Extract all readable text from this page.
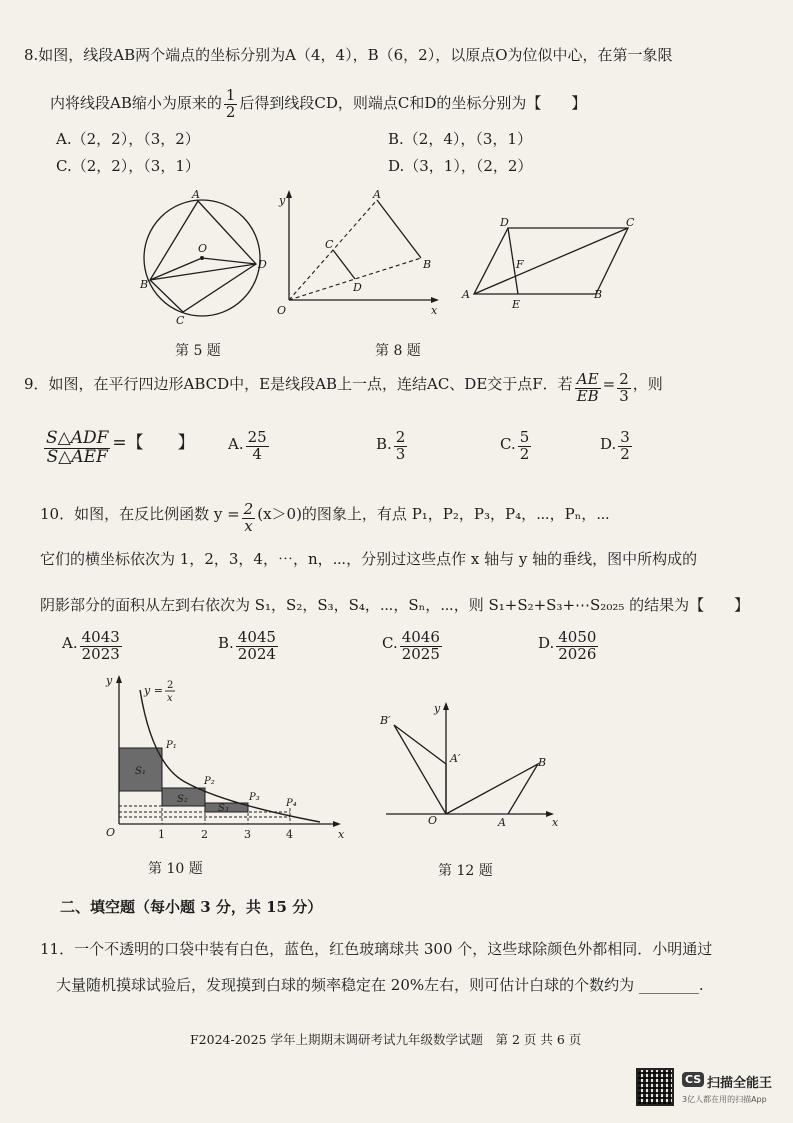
8.如图，线段AB两个端点的坐标分别为A（4，4），B（6，2），以原点O为位似中心，在第一象限
内将线段AB缩小为原来的 $\frac{1}{2}$ 后得到线段CD，则端点C和D的坐标分别为【　　】
A.（2，2），（3，2）	B.（2，4），（3，1）
C.（2，2），（3，1）	D.（3，1），（2，2）
A
O
D
B
C
第 5 题
y	A
C
B
D
O	x
第 8 题
D	C
F
A
E
B
9．如图，在平行四边形ABCD中，E是线段AB上一点，连结AC、DE交于点F．若 $\frac{AE}{EB} = \frac{2}{3}$ ，则
$\frac{\text{S△ADF}}{\text{S△AEF}}$ =【　　】 A. $\frac{25}{4}$	B. $\frac{2}{3}$	C. $\frac{5}{2}$	D. $\frac{3}{2}$
10．如图，在反比例函数 $y = \frac{2}{x} (x>0)$的图象上，有点 P₁，P₂，P₃，P₄，⋯，Pₙ，⋯
它们的横坐标依次为 1，2，3，4，⋯，n，⋯，分别过这些点作 x 轴与 y 轴的垂线，图中所构成的
阴影部分的面积从左到右依次为 S₁，S₂，S₃，S₄，⋯，Sₙ，⋯，则 S₁+S₂+S₃+⋯S₂₀₂₅ 的结果为【　　】
A. $\frac{4043}{2023}$	B. $\frac{4045}{2024}$	C. $\frac{4046}{2025}$	D. $\frac{4050}{2026}$
y
y = 2
x
P₁
S₁
P₂
S₂
S₃
P₃
P₄
O	1	2	3	4	x
第 10 题
y
B′
A′	B
O	A	x
第 12 题
二、填空题（每小题 3 分，共 15 分）
11．一个不透明的口袋中装有白色，蓝色，红色玻璃球共 300 个，这些球除颜色外都相同．小明通过
大量随机摸球试验后，发现摸到白球的频率稳定在 20%左右，则可估计白球的个数约为 ________.
F2024-2025 学年上期期末调研考试九年级数学试题　第 2 页 共 6 页
CS 扫描全能王
3亿人都在用的扫描App
